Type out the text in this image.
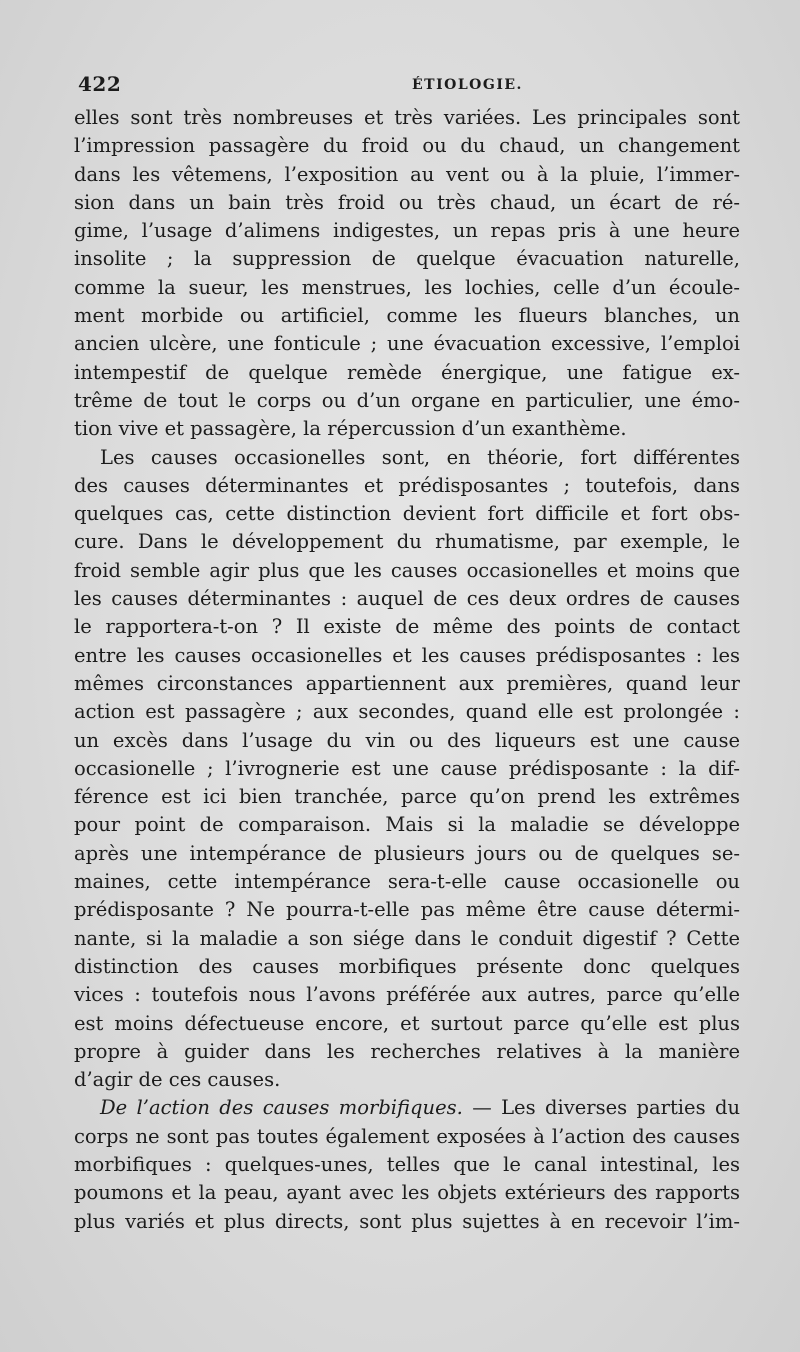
422	ÉTIOLOGIE.
elles sont très nombreuses et très variées. Les principales sont
l’impression passagère du froid ou du chaud, un changement
dans les vêtemens, l’exposition au vent ou à la pluie, l’immer-
sion dans un bain très froid ou très chaud, un écart de ré-
gime, l’usage d’alimens indigestes, un repas pris à une heure
insolite ; la suppression de quelque évacuation naturelle,
comme la sueur, les menstrues, les lochies, celle d’un écoule-
ment morbide ou artificiel, comme les flueurs blanches, un
ancien ulcère, une fonticule ; une évacuation excessive, l’emploi
intempestif de quelque remède énergique, une fatigue ex-
trême de tout le corps ou d’un organe en particulier, une émo-
tion vive et passagère, la répercussion d’un exanthème.
Les causes occasionelles sont, en théorie, fort différentes
des causes déterminantes et prédisposantes ; toutefois, dans
quelques cas, cette distinction devient fort difficile et fort obs-
cure. Dans le développement du rhumatisme, par exemple, le
froid semble agir plus que les causes occasionelles et moins que
les causes déterminantes : auquel de ces deux ordres de causes
le rapportera-t-on ? Il existe de même des points de contact
entre les causes occasionelles et les causes prédisposantes : les
mêmes circonstances appartiennent aux premières, quand leur
action est passagère ; aux secondes, quand elle est prolongée :
un excès dans l’usage du vin ou des liqueurs est une cause
occasionelle ; l’ivrognerie est une cause prédisposante : la dif-
férence est ici bien tranchée, parce qu’on prend les extrêmes
pour point de comparaison. Mais si la maladie se développe
après une intempérance de plusieurs jours ou de quelques se-
maines, cette intempérance sera-t-elle cause occasionelle ou
prédisposante ? Ne pourra-t-elle pas même être cause détermi-
nante, si la maladie a son siége dans le conduit digestif ? Cette
distinction des causes morbifiques présente donc quelques
vices : toutefois nous l’avons préférée aux autres, parce qu’elle
est moins défectueuse encore, et surtout parce qu’elle est plus
propre à guider dans les recherches relatives à la manière
d’agir de ces causes.
De l’action des causes morbifiques. — Les diverses parties du
corps ne sont pas toutes également exposées à l’action des causes
morbifiques : quelques-unes, telles que le canal intestinal, les
poumons et la peau, ayant avec les objets extérieurs des rapports
plus variés et plus directs, sont plus sujettes à en recevoir l’im-
